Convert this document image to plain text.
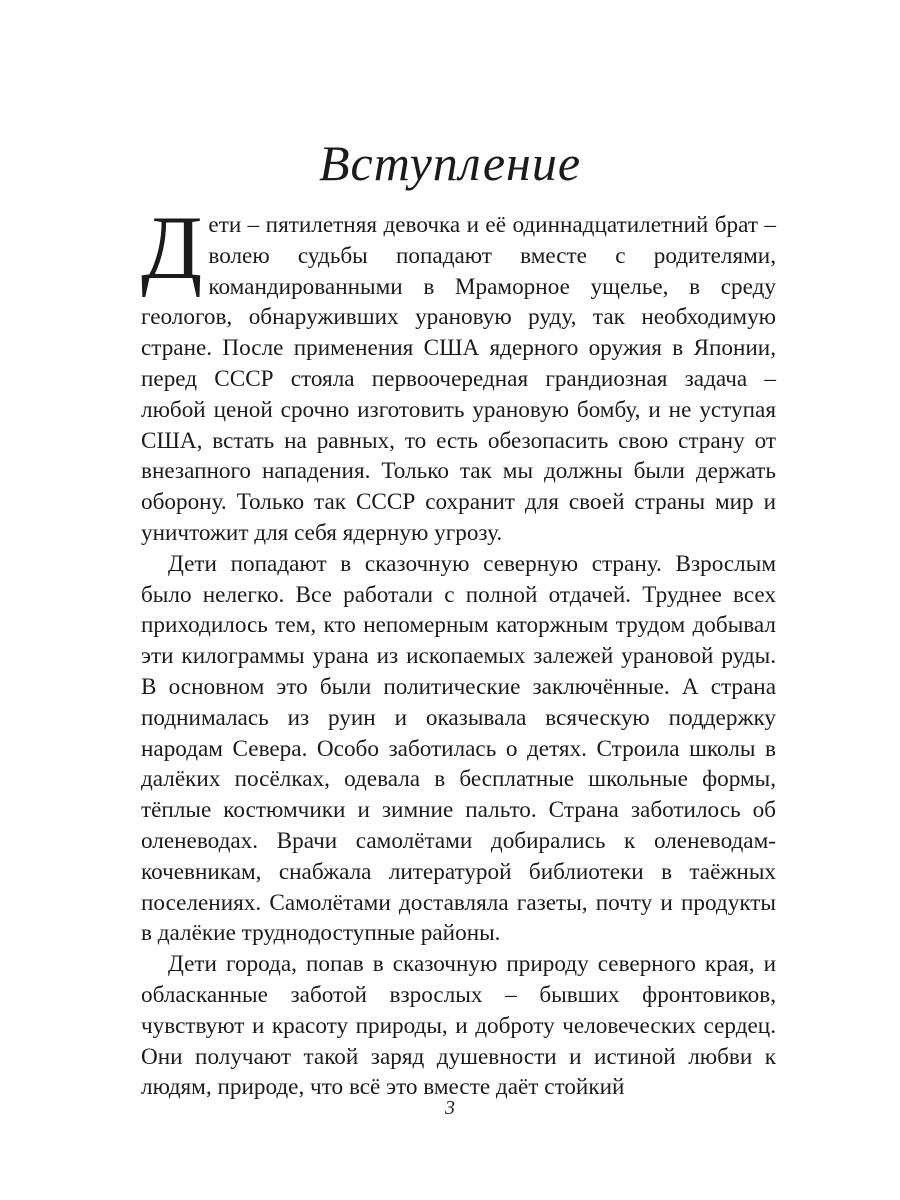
Вступление

Дети – пятилетняя девочка и её одиннадцатилетний брат – волею судьбы попадают вместе с родителями, командированными в Мраморное ущелье, в среду геологов, обнаруживших урановую руду, так необходимую стране. После применения США ядерного оружия в Японии, перед СССР стояла первоочередная грандиозная задача – любой ценой срочно изготовить урановую бомбу, и не уступая США, встать на равных, то есть обезопасить свою страну от внезапного нападения. Только так мы должны были держать оборону. Только так СССР сохранит для своей страны мир и уничтожит для себя ядерную угрозу.

Дети попадают в сказочную северную страну. Взрослым было нелегко. Все работали с полной отдачей. Труднее всех приходилось тем, кто непомерным каторжным трудом добывал эти килограммы урана из ископаемых залежей урановой руды. В основном это были политические заключённые. А страна поднималась из руин и оказывала всяческую поддержку народам Севера. Особо заботилась о детях. Строила школы в далёких посёлках, одевала в бесплатные школьные формы, тёплые костюмчики и зимние пальто. Страна заботилось об оленеводах. Врачи самолётами добирались к оленеводам-кочевникам, снабжала литературой библиотеки в таёжных поселениях. Самолётами доставляла газеты, почту и продукты в далёкие труднодоступные районы.

Дети города, попав в сказочную природу северного края, и обласканные заботой взрослых – бывших фронтовиков, чувствуют и красоту природы, и доброту человеческих сердец. Они получают такой заряд душевности и истиной любви к людям, природе, что всё это вместе даёт стойкий

3
